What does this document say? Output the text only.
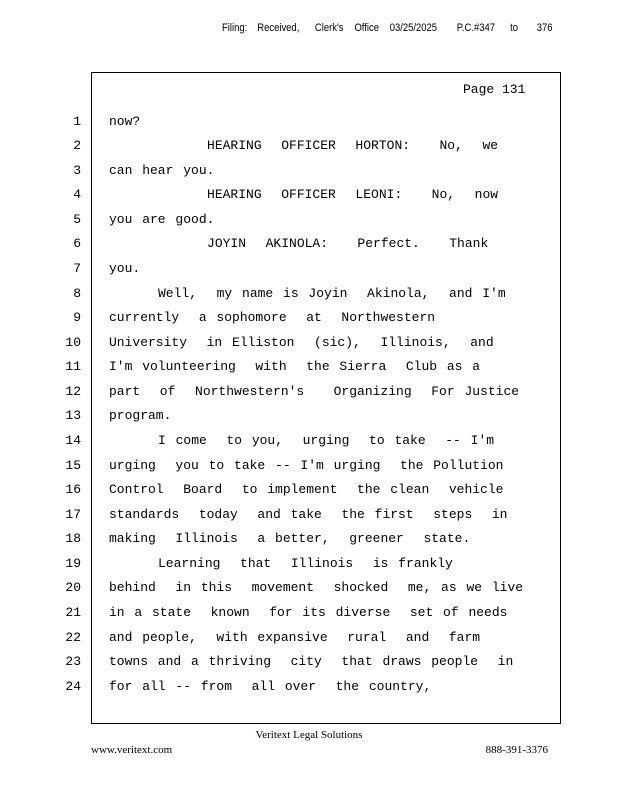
Filing: Received, Clerk's Office 03/25/2025 P.C.#347 to 376
Page 131
1 now?
2 HEARING  OFFICER  HORTON:   No,  we
3 can hear you.
4 HEARING  OFFICER  LEONI:   No,  now
5 you are good.
6 JOYIN  AKINOLA:   Perfect.   Thank
7 you.
8 Well,  my name is Joyin  Akinola,  and I'm
9 currently  a sophomore  at  Northwestern
10 University  in Elliston  (sic),  Illinois,  and
11 I'm volunteering  with  the Sierra  Club as a
12 part  of  Northwestern's   Organizing  For Justice
13 program.
14 I come  to you,  urging  to take  -- I'm
15 urging  you to take -- I'm urging  the Pollution
16 Control  Board  to implement  the clean  vehicle
17 standards  today  and take  the first  steps  in
18 making  Illinois  a better,  greener  state.
19 Learning  that  Illinois  is frankly
20 behind  in this  movement  shocked  me, as we live
21 in a state  known  for its diverse  set of needs
22 and people,  with expansive  rural  and  farm
23 towns and a thriving  city  that draws people  in
24 for all -- from  all over  the country,
Veritext Legal Solutions
www.veritext.com	888-391-3376
